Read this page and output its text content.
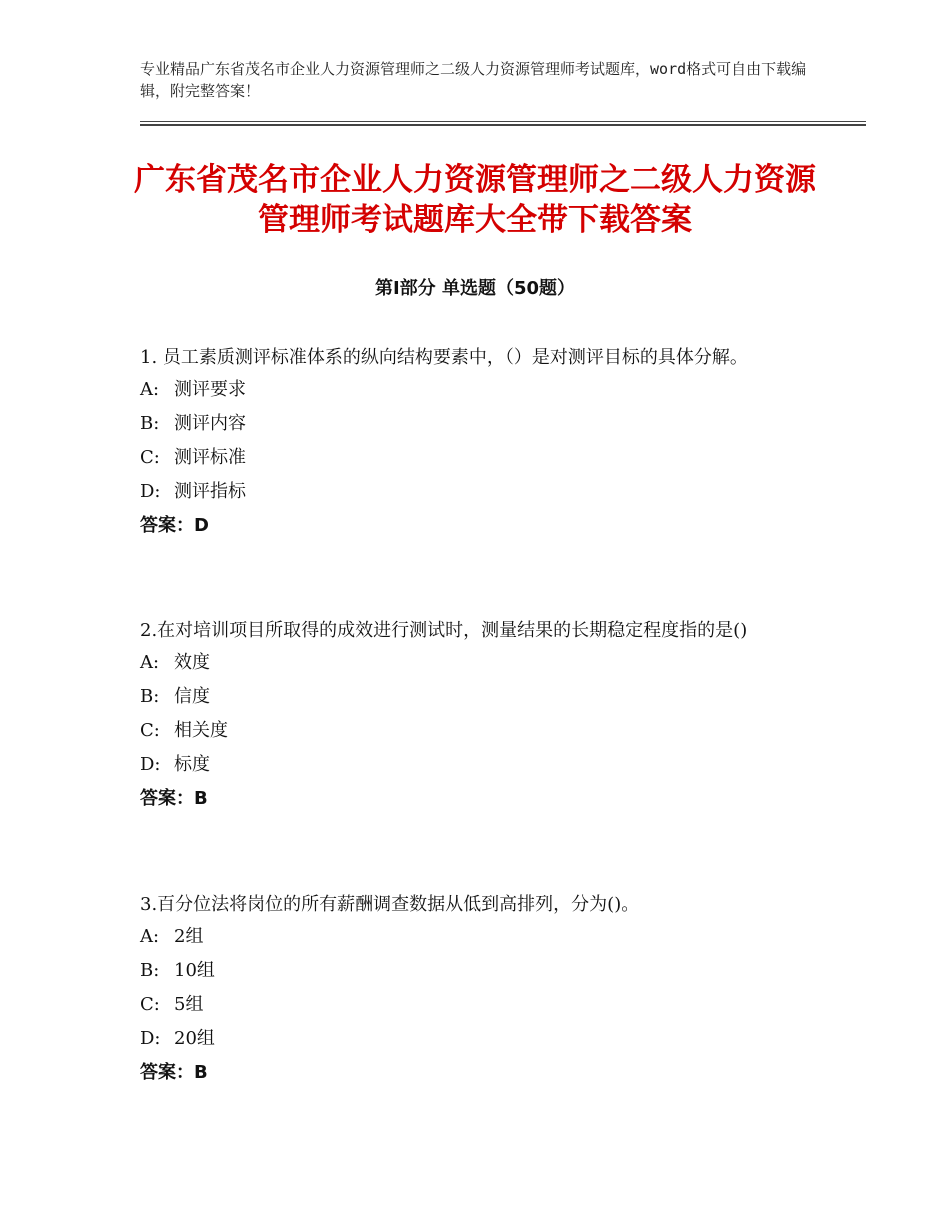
专业精品广东省茂名市企业人力资源管理师之二级人力资源管理师考试题库，word格式可自由下载编辑，附完整答案！
广东省茂名市企业人力资源管理师之二级人力资源管理师考试题库大全带下载答案
第Ⅰ部分 单选题（50题）

1. 员工素质测评标准体系的纵向结构要素中，（）是对测评目标的具体分解。

A: 测评要求

B: 测评内容

C: 测评标准

D: 测评指标

答案：D

2.在对培训项目所取得的成效进行测试时，测量结果的长期稳定程度指的是()

A: 效度

B: 信度

C: 相关度

D: 标度

答案：B

3.百分位法将岗位的所有薪酬调查数据从低到高排列，分为()。

A: 2组

B: 10组

C: 5组

D: 20组

答案：B
